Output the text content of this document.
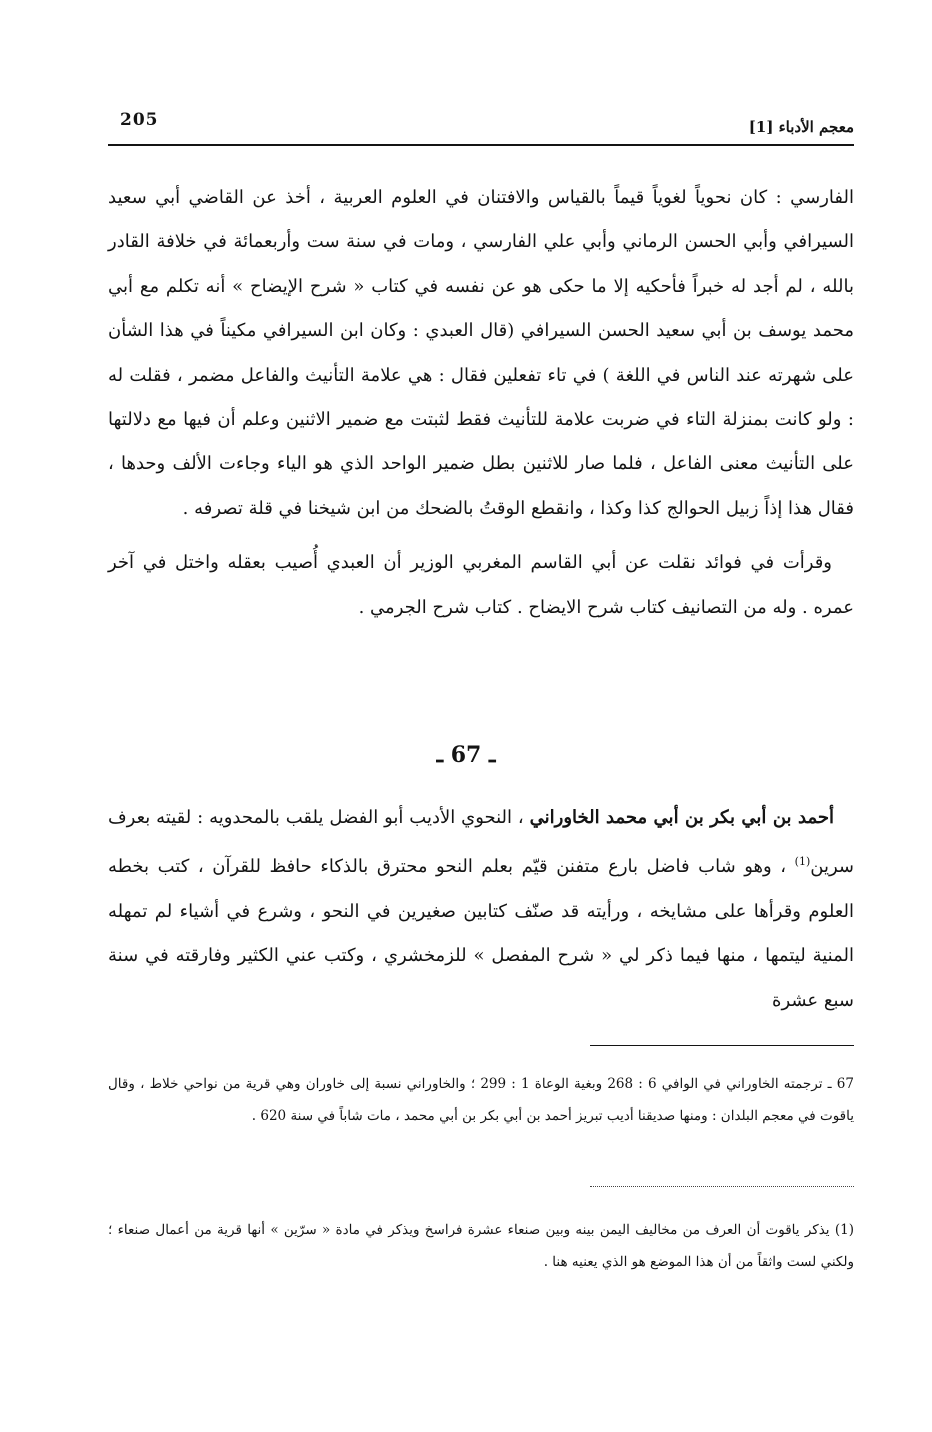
205	معجم الأدباء [1]

الفارسي : كان نحوياً لغوياً قيماً بالقياس والافتنان في العلوم العربية ، أخذ عن القاضي أبي سعيد السيرافي وأبي الحسن الرماني وأبي علي الفارسي ، ومات في سنة ست وأربعمائة في خلافة القادر بالله ، لم أجد له خبراً فأحكيه إلا ما حكى هو عن نفسه في كتاب « شرح الإيضاح » أنه تكلم مع أبي محمد يوسف بن أبي سعيد الحسن السيرافي (قال العبدي : وكان ابن السيرافي مكيناً في هذا الشأن على شهرته عند الناس في اللغة ) في تاء تفعلين فقال : هي علامة التأنيث والفاعل مضمر ، فقلت له : ولو كانت بمنزلة التاء في ضربت علامة للتأنيث فقط لثبتت مع ضمير الاثنين وعلم أن فيها مع دلالتها على التأنيث معنى الفاعل ، فلما صار للاثنين بطل ضمير الواحد الذي هو الياء وجاءت الألف وحدها ، فقال هذا إذاً زبيل الحوالج كذا وكذا ، وانقطع الوقتُ بالضحك من ابن شيخنا في قلة تصرفه .

وقرأت في فوائد نقلت عن أبي القاسم المغربي الوزير أن العبدي أُصيب بعقله واختل في آخر عمره . وله من التصانيف كتاب شرح الايضاح . كتاب شرح الجرمي .

ـ 67 ـ

أحمد بن أبي بكر بن أبي محمد الخاوراني ، النحوي الأديب أبو الفضل يلقب بالمحدويه : لقيته بعرف سرين$^{(1)}$ ، وهو شاب فاضل بارع متفنن قيّم بعلم النحو محترق بالذكاء حافظ للقرآن ، كتب بخطه العلوم وقرأها على مشايخه ، ورأيته قد صنّف كتابين صغيرين في النحو ، وشرع في أشياء لم تمهله المنية ليتمها ، منها فيما ذكر لي « شرح المفصل » للزمخشري ، وكتب عني الكثير وفارقته في سنة سبع عشرة

67 ـ ترجمته الخاوراني في الوافي 6 : 268 وبغية الوعاة 1 : 299 ؛ والخاوراني نسبة إلى خاوران وهي قرية من نواحي خلاط ، وقال ياقوت في معجم البلدان : ومنها صديقنا أديب تبريز أحمد بن أبي بكر بن أبي محمد ، مات شاباً في سنة 620 .

(1) يذكر ياقوت أن العرف من مخاليف اليمن بينه وبين صنعاء عشرة فراسخ ويذكر في مادة « سرّين » أنها قرية من أعمال صنعاء ؛ ولكني لست واثقاً من أن هذا الموضع هو الذي يعنيه هنا .
